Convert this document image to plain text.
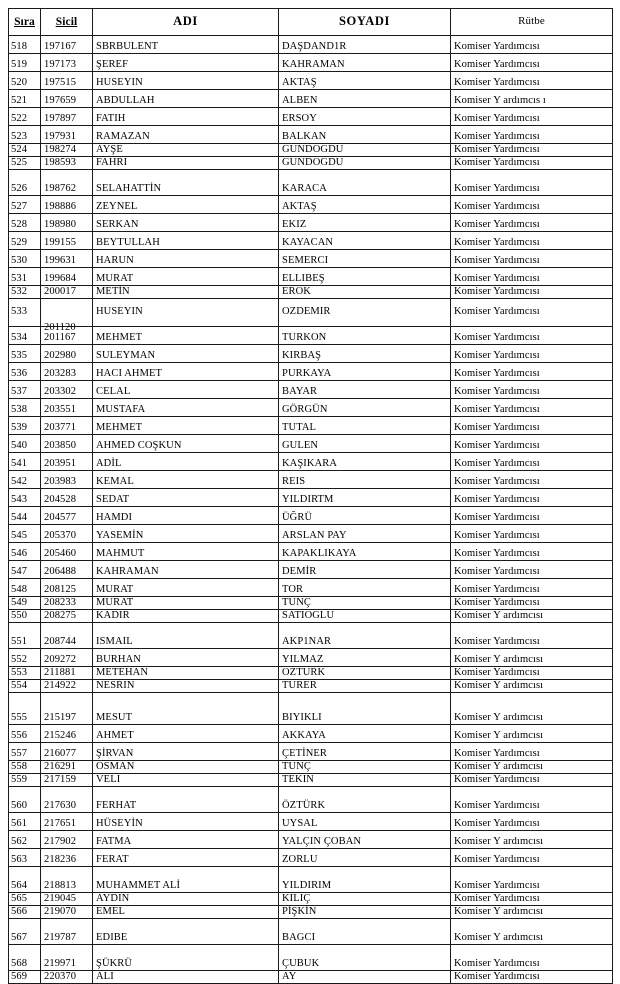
Sıra	Sicil	ADI	SOYADI	Rütbe

518	197167	SBRBULENT	DAŞDAND1R	Komiser Yardımcısı

519	197173	ŞEREF	KAHRAMAN	Komiser Yardımcısı

520	197515	HUSEYIN	AKTAŞ	Komiser Yardımcısı

521	197659	ABDULLAH	ALBEN	Komiser Y ardımcıs ı

522	197897	FATIH	ERSOY	Komiser Yardımcısı

523	197931	RAMAZAN	BALKAN	Komiser Yardımcısı

524	198274	AYŞE	GUNDOGDU	Komiser Yardımcısı

525	198593	FAHRI	GUNDOGDU	Komiser Yardımcısı

526	198762	SELAHATTİN	KARACA	Komiser Yardımcısı

527	198886	ZEYNEL	AKTAŞ	Komiser Yardımcısı

528	198980	SERKAN	EKIZ	Komiser Yardımcısı

529	199155	BEYTULLAH	KAYACAN	Komiser Yardımcısı

530	199631	HARUN	SEMERCI	Komiser Yardımcısı

531	199684	MURAT	ELLIBEŞ	Komiser Yardımcısı

532	200017	METİN	EROK	Komiser Yardımcısı

533	201120	HUSEYIN	OZDEMIR	Komiser Yardımcısı

534	201167	MEHMET	TURKON	Komiser Yardımcısı

535	202980	SULEYMAN	KIRBAŞ	Komiser Yardımcısı

536	203283	HACI AHMET	PURKAYA	Komiser Yardımcısı

537	203302	CELAL	BAYAR	Komiser Yardımcısı

538	203551	MUSTAFA	GÖRGÜN	Komiser Yardımcısı

539	203771	MEHMET	TUTAL	Komiser Yardımcısı

540	203850	AHMED COŞKUN	GULEN	Komiser Yardımcısı

541	203951	ADİL	KAŞIKARA	Komiser Yardımcısı

542	203983	KEMAL	REIS	Komiser Yardımcısı

543	204528	SEDAT	YILDIRTM	Komiser Yardımcısı

544	204577	HAMDI	ÜĞRÜ	Komiser Yardımcısı

545	205370	YASEMİN	ARSLAN PAY	Komiser Yardımcısı

546	205460	MAHMUT	KAPAKLIKAYA	Komiser Yardımcısı

547	206488	KAHRAMAN	DEMİR	Komiser Yardımcısı

548	208125	MURAT	TOR	Komiser Yardımcısı

549	208233	MURAT	TUNÇ	Komiser Yardımcısı

550	208275	KADIR	SATIOGLU	Komiser Y ardımcısı

551	208744	ISMAIL	AKP1NAR	Komiser Yardımcısı

552	209272	BURHAN	YILMAZ	Komiser Y ardımcısı

553	211881	METEHAN	OZTURK	Komiser Yardımcısı

554	214922	NESRIN	TURER	Komiser Y ardımcısı

555	215197	MESUT	BIYIKLI	Komiser Y ardımcısı

556	215246	AHMET	AKKAYA	Komiser Y ardımcısı

557	216077	ŞİRVAN	ÇETİNER	Komiser Yardımcısı

558	216291	OSMAN	TUNÇ	Komiser Y ardımcısı

559	217159	VELI	TEKIN	Komiser Yardımcısı

560	217630	FERHAT	ÖZTÜRK	Komiser Yardımcısı

561	217651	HÜSEYİN	UYSAL	Komiser Yardımcısı

562	217902	FATMA	YALÇIN ÇOBAN	Komiser Y ardımcısı

563	218236	FERAT	ZORLU	Komiser Yardımcısı

564	218813	MUHAMMET ALİ	YILDIRIM	Komiser Yardımcısı

565	219045	AYDIN	KILIÇ	Komiser Yardımcısı

566	219070	EMEL	PİŞKİN	Komiser Y ardımcısı

567	219787	EDIBE	BAGCI	Komiser Y ardımcısı

568	219971	ŞÜKRÜ	ÇUBUK	Komiser Yardımcısı

569	220370	ALI	AY	Komiser Yardımcısı
